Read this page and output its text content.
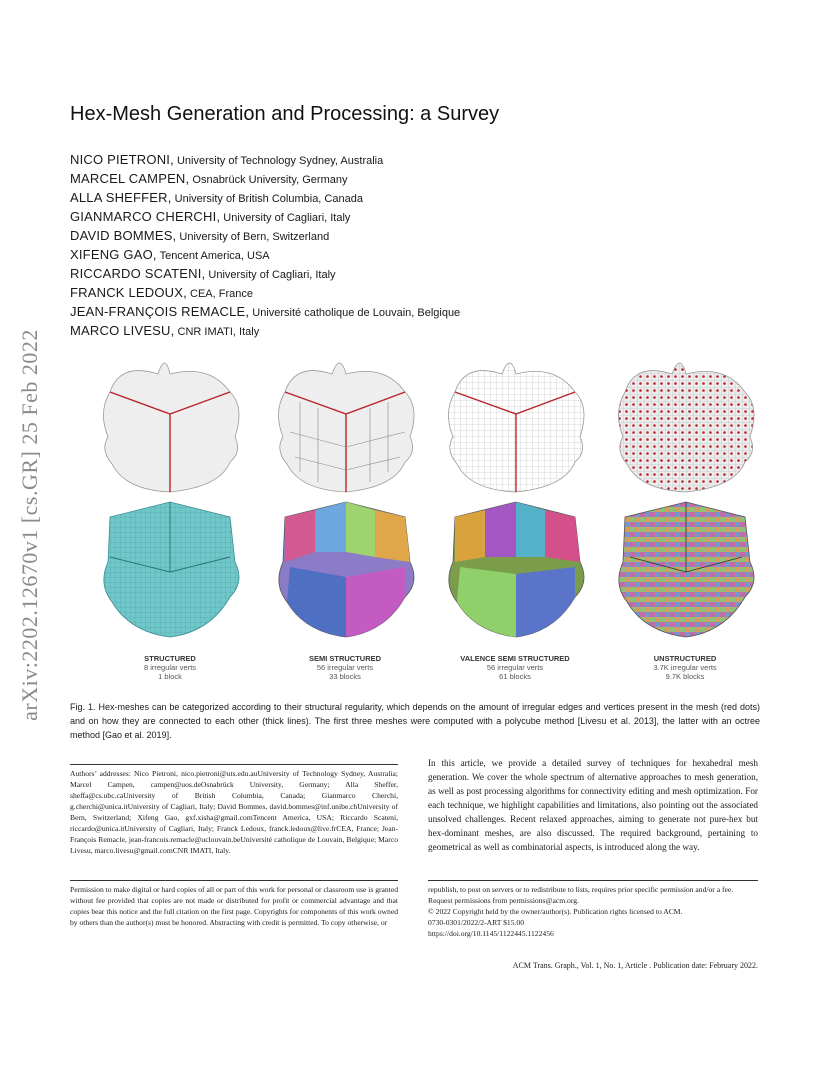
arXiv:2202.12670v1 [cs.GR] 25 Feb 2022
Hex-Mesh Generation and Processing: a Survey
NICO PIETRONI, University of Technology Sydney, Australia
MARCEL CAMPEN, Osnabrück University, Germany
ALLA SHEFFER, University of British Columbia, Canada
GIANMARCO CHERCHI, University of Cagliari, Italy
DAVID BOMMES, University of Bern, Switzerland
XIFENG GAO, Tencent America, USA
RICCARDO SCATENI, University of Cagliari, Italy
FRANCK LEDOUX, CEA, France
JEAN-FRANÇOIS REMACLE, Université catholique de Louvain, Belgique
MARCO LIVESU, CNR IMATI, Italy
STRUCTURED
8 irregular verts
1 block
SEMI STRUCTURED
56 irregular verts
33 blocks
VALENCE SEMI STRUCTURED
56 irregular verts
61 blocks
UNSTRUCTURED
3.7K irregular verts
9.7K blocks
Fig. 1. Hex-meshes can be categorized according to their structural regularity, which depends on the amount of irregular edges and vertices present in the mesh (red dots) and on how they are connected to each other (thick lines). The first three meshes were computed with a polycube method [Livesu et al. 2013], the latter with an octree method [Gao et al. 2019].
Authors’ addresses: Nico Pietroni, nico.pietroni@uts.edu.auUniversity of Technology Sydney, Australia; Marcel Campen, campen@uos.deOsnabrück University, Germany; Alla Sheffer, sheffa@cs.ubc.caUniversity of British Columbia, Canada; Gianmarco Cherchi, g.cherchi@unica.itUniversity of Cagliari, Italy; David Bommes, david.bommes@inf.unibe.chUniversity of Bern, Switzerland; Xifeng Gao, gxf.xisha@gmail.comTencent America, USA; Riccardo Scateni, riccardo@unica.itUniversity of Cagliari, Italy; Franck Ledoux, franck.ledoux@live.frCEA, France; Jean-François Remacle, jean-francois.remacle@uclouvain.beUniversité catholique de Louvain, Belgique; Marco Livesu, marco.livesu@gmail.comCNR IMATI, Italy.
Permission to make digital or hard copies of all or part of this work for personal or classroom use is granted without fee provided that copies are not made or distributed for profit or commercial advantage and that copies bear this notice and the full citation on the first page. Copyrights for components of this work owned by others than the author(s) must be honored. Abstracting with credit is permitted. To copy otherwise, or
In this article, we provide a detailed survey of techniques for hexahedral mesh generation. We cover the whole spectrum of alternative approaches to mesh generation, as well as post processing algorithms for connectivity editing and mesh optimization. For each technique, we highlight capabilities and limitations, also pointing out the associated unsolved challenges. Recent relaxed approaches, aiming to generate not pure-hex but hex-dominant meshes, are also discussed. The required background, pertaining to geometrical as well as combinatorial aspects, is introduced along the way.
republish, to post on servers or to redistribute to lists, requires prior specific permission and/or a fee. Request permissions from permissions@acm.org.
© 2022 Copyright held by the owner/author(s). Publication rights licensed to ACM.
0730-0301/2022/2-ART $15.00
https://doi.org/10.1145/1122445.1122456
ACM Trans. Graph., Vol. 1, No. 1, Article . Publication date: February 2022.
